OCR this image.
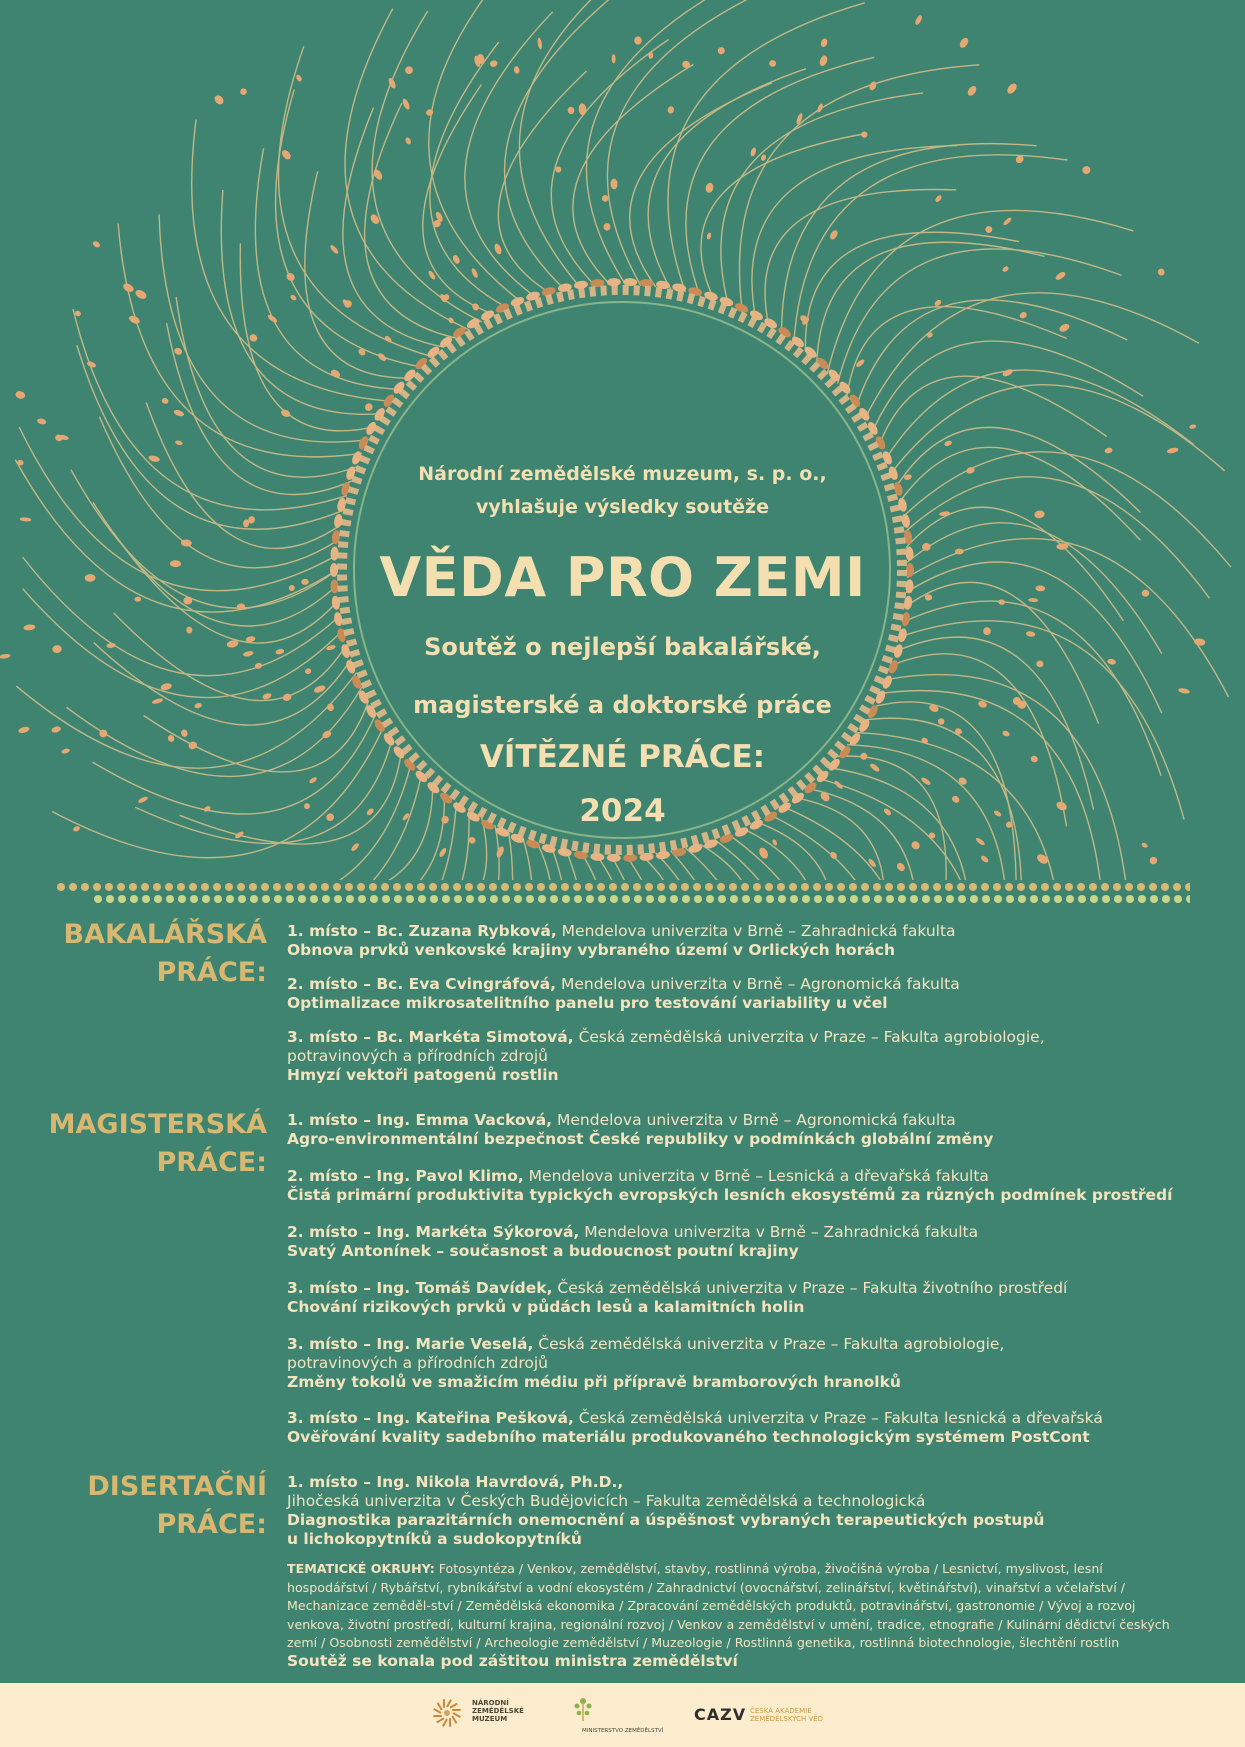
Národní zemědělské muzeum, s. p. o.,
vyhlašuje výsledky soutěže
VĚDA PRO ZEMI
Soutěž o nejlepší bakalářské,
magisterské a doktorské práce
VÍTĚZNÉ PRÁCE:
2024
BAKALÁŘSKÁ
PRÁCE:
1. místo – Bc. Zuzana Rybková, Mendelova univerzita v Brně – Zahradnická fakulta
Obnova prvků venkovské krajiny vybraného území v Orlických horách
2. místo – Bc. Eva Cvingráfová, Mendelova univerzita v Brně – Agronomická fakulta
Optimalizace mikrosatelitního panelu pro testování variability u včel
3. místo – Bc. Markéta Simotová, Česká zemědělská univerzita v Praze – Fakulta agrobiologie,
potravinových a přírodních zdrojů
Hmyzí vektoři patogenů rostlin
MAGISTERSKÁ
PRÁCE:
1. místo – Ing. Emma Vacková, Mendelova univerzita v Brně – Agronomická fakulta
Agro-environmentální bezpečnost České republiky v podmínkách globální změny
2. místo – Ing. Pavol Klimo, Mendelova univerzita v Brně – Lesnická a dřevařská fakulta
Čistá primární produktivita typických evropských lesních ekosystémů za různých podmínek prostředí
2. místo – Ing. Markéta Sýkorová, Mendelova univerzita v Brně – Zahradnická fakulta
Svatý Antonínek – současnost a budoucnost poutní krajiny
3. místo – Ing. Tomáš Davídek, Česká zemědělská univerzita v Praze – Fakulta životního prostředí
Chování rizikových prvků v půdách lesů a kalamitních holin
3. místo – Ing. Marie Veselá, Česká zemědělská univerzita v Praze – Fakulta agrobiologie,
potravinových a přírodních zdrojů
Změny tokolů ve smažicím médiu při přípravě bramborových hranolků
3. místo – Ing. Kateřina Pešková, Česká zemědělská univerzita v Praze – Fakulta lesnická a dřevařská
Ověřování kvality sadebního materiálu produkovaného technologickým systémem PostCont
DISERTAČNÍ
PRÁCE:
1. místo – Ing. Nikola Havrdová, Ph.D.,
Jihočeská univerzita v Českých Budějovicích – Fakulta zemědělská a technologická
Diagnostika parazitárních onemocnění a úspěšnost vybraných terapeutických postupů
u lichokopytníků a sudokopytníků
TEMATICKÉ OKRUHY: Fotosyntéza / Venkov, zemědělství, stavby, rostlinná výroba, živočišná výroba / Lesnictví, myslivost, lesní hospodářství / Rybářství, rybníkářství a vodní ekosystém / Zahradnictví (ovocnářství, zelinářství, květinářství), vinařství a včelařství / Mechanizace zeměděl-ství / Zemědělská ekonomika / Zpracování zemědělských produktů, potravinářství, gastronomie / Vývoj a rozvoj venkova, životní prostředí, kulturní krajina, regionální rozvoj / Venkov a zemědělství v umění, tradice, etnografie / Kulinární dědictví českých zemí / Osobnosti zemědělství / Archeologie zemědělství / Muzeologie / Rostlinná genetika, rostlinná biotechnologie, šlechtění rostlin
Soutěž se konala pod záštitou ministra zemědělství
NÁRODNÍ
ZEMĚDĚLSKÉ
MUZEUM
MINISTERSTVO ZEMĚDĚLSTVÍ
CAZV ČESKÁ AKADEMIE
ZEMĚDĚLSKÝCH VĚD
